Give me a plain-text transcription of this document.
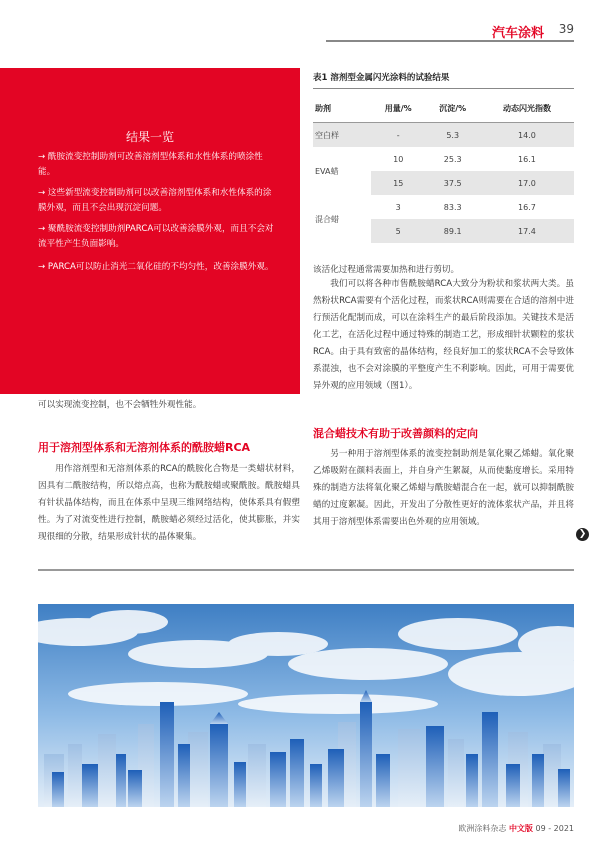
汽车涂料 39
结果一览
→ 酰胺流变控制助剂可改善溶剂型体系和水性体系的喷涂性能。
→ 这些新型流变控制助剂可以改善溶剂型体系和水性体系的涂膜外观，而且不会出现沉淀问题。
→ 聚酰胺流变控制助剂PARCA可以改善涂膜外观，而且不会对流平性产生负面影响。
→ PARCA可以防止消光二氧化硅的不均匀性，改善涂膜外观。
表1 溶剂型金属闪光涂料的试验结果
助剂	用量/%	沉淀/%	动态闪光指数
空白样	-	5.3	14.0
EVA蜡	10	25.3	16.1
	15	37.5	17.0
混合蜡	3	83.3	16.7
	5	89.1	17.4
该活化过程通常需要加热和进行剪切。
我们可以将各种市售酰胺蜡RCA大致分为粉状和浆状两大类。虽然粉状RCA需要有个活化过程，而浆状RCA则需要在合适的溶剂中进行预活化配制而成，可以在涂料生产的最后阶段添加。关键技术是活化工艺，在活化过程中通过特殊的制造工艺，形成细针状颗粒的浆状RCA。由于具有致密的晶体结构，经良好加工的浆状RCA不会导致体系混浊，也不会对涂膜的平整度产生不利影响。因此，可用于需要优异外观的应用领域（图1）。
混合蜡技术有助于改善颜料的定向
另一种用于溶剂型体系的流变控制助剂是氧化聚乙烯蜡。氧化聚乙烯吸附在颜料表面上，并自身产生絮凝，从而使黏度增长。采用特殊的制造方法将氧化聚乙烯蜡与酰胺蜡混合在一起，就可以抑制酰胺蜡的过度絮凝。因此，开发出了分散性更好的流体浆状产品，并且将其用于溶剂型体系需要出色外观的应用领域。
可以实现流变控制，也不会牺牲外观性能。
用于溶剂型体系和无溶剂体系的酰胺蜡RCA
用作溶剂型和无溶剂体系的RCA的酰胺化合物是一类蜡状材料，因具有二酰胺结构，所以熔点高，也称为酰胺蜡或聚酰胺。酰胺蜡具有针状晶体结构，而且在体系中呈现三维网络结构，使体系具有假塑性。为了对流变性进行控制，酰胺蜡必须经过活化，使其膨胀，并实现很细的分散，结果形成针状的晶体聚集。	❯
欧洲涂料杂志 中文版 09 - 2021
